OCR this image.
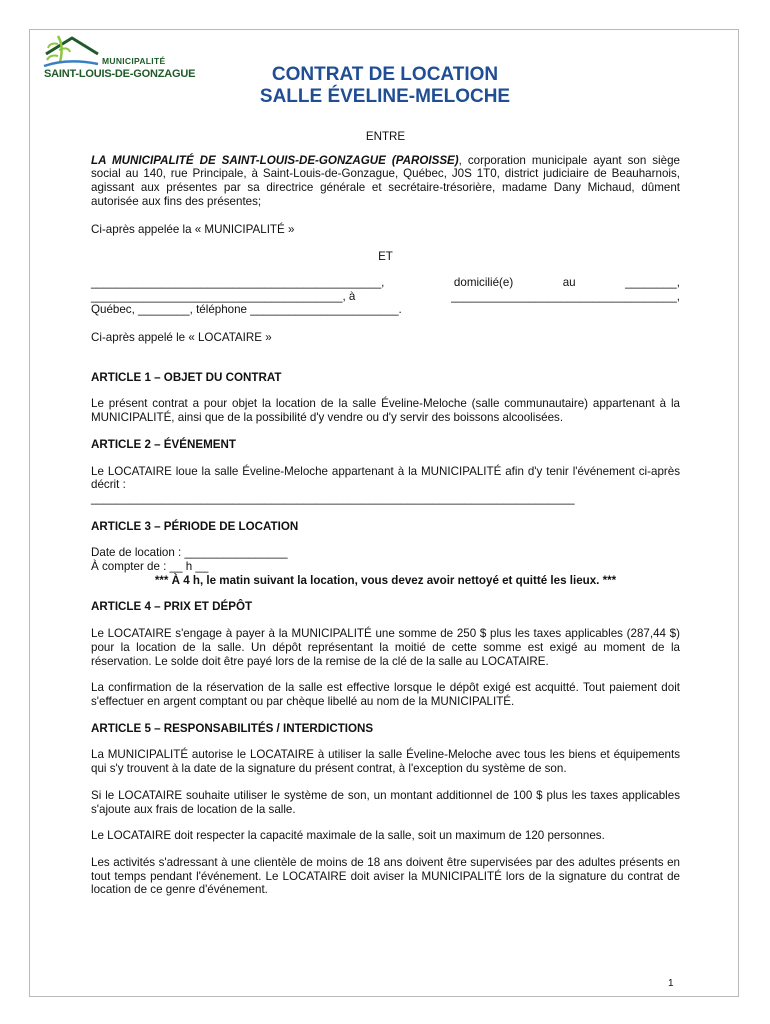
MUNICIPALITÉ
SAINT-LOUIS-DE-GONZAGUE	CONTRAT DE LOCATION
SALLE ÉVELINE-MELOCHE

ENTRE

LA MUNICIPALITÉ DE SAINT-LOUIS-DE-GONZAGUE (PAROISSE), corporation municipale ayant son siège social au 140, rue Principale, à Saint-Louis-de-Gonzague, Québec, J0S 1T0, district judiciaire de Beauharnois, agissant aux présentes par sa directrice générale et secrétaire-trésorière, madame Dany Michaud, dûment autorisée aux fins des présentes;

Ci-après appelée la « MUNICIPALITÉ »

ET

_____________________________________________,	domicilié(e)	au	________,
_______________________________________, à	___________________________________,

Québec, ________, téléphone _______________________.

Ci-après appelé le « LOCATAIRE »

ARTICLE 1 – OBJET DU CONTRAT

Le présent contrat a pour objet la location de la salle Éveline-Meloche (salle communautaire) appartenant à la MUNICIPALITÉ, ainsi que de la possibilité d'y vendre ou d'y servir des boissons alcoolisées.

ARTICLE 2 – ÉVÉNEMENT

Le LOCATAIRE loue la salle Éveline-Meloche appartenant à la MUNICIPALITÉ afin d'y tenir l'événement ci-après décrit :

___________________________________________________________________________

ARTICLE 3 – PÉRIODE DE LOCATION

Date de location : ________________

À compter de : __ h __

*** À 4 h, le matin suivant la location, vous devez avoir nettoyé et quitté les lieux. ***

ARTICLE 4 – PRIX ET DÉPÔT

Le LOCATAIRE s'engage à payer à la MUNICIPALITÉ une somme de 250 $ plus les taxes applicables (287,44 $) pour la location de la salle. Un dépôt représentant la moitié de cette somme est exigé au moment de la réservation. Le solde doit être payé lors de la remise de la clé de la salle au LOCATAIRE.

La confirmation de la réservation de la salle est effective lorsque le dépôt exigé est acquitté. Tout paiement doit s'effectuer en argent comptant ou par chèque libellé au nom de la MUNICIPALITÉ.

ARTICLE 5 – RESPONSABILITÉS / INTERDICTIONS

La MUNICIPALITÉ autorise le LOCATAIRE à utiliser la salle Éveline-Meloche avec tous les biens et équipements qui s'y trouvent à la date de la signature du présent contrat, à l'exception du système de son.

Si le LOCATAIRE souhaite utiliser le système de son, un montant additionnel de 100 $ plus les taxes applicables s'ajoute aux frais de location de la salle.

Le LOCATAIRE doit respecter la capacité maximale de la salle, soit un maximum de 120 personnes.

Les activités s'adressant à une clientèle de moins de 18 ans doivent être supervisées par des adultes présents en tout temps pendant l'événement. Le LOCATAIRE doit aviser la MUNICIPALITÉ lors de la signature du contrat de location de ce genre d'événement.

1
